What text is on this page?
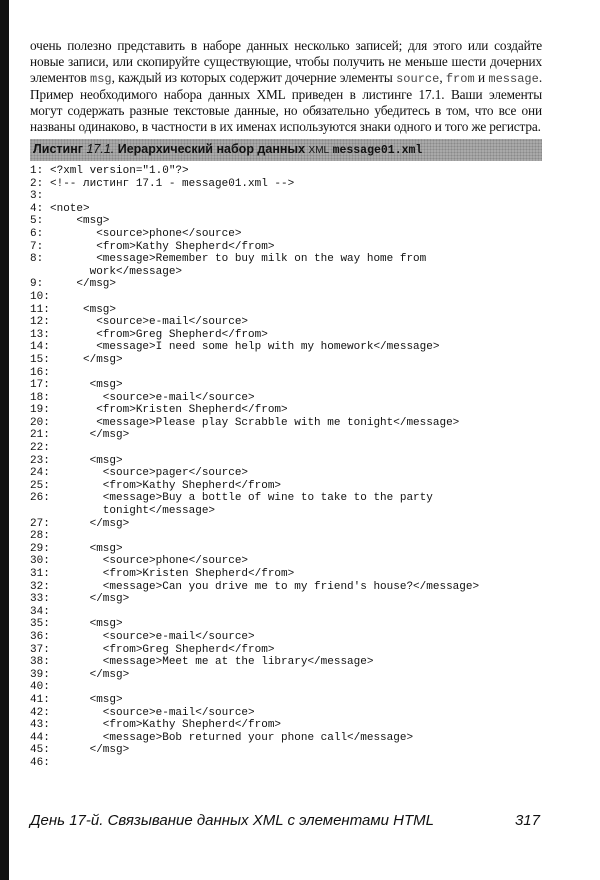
очень полезно представить в наборе данных несколько записей; для этого или создайте новые записи, или скопируйте существующие, чтобы получить не меньше шести дочерних элементов msg, каждый из которых содержит дочерние элементы source, from и message. Пример необходимого набора данных XML приведен в листинге 17.1. Ваши элементы могут содержать разные текстовые данные, но обязательно убедитесь в том, что все они названы одинаково, в частности в их именах используются знаки одного и того же регистра.
Листинг 17.1. Иерархический набор данных XML message01.xml
1: <?xml version="1.0"?>
2: <!-- листинг 17.1 - message01.xml -->
3:
4: <note>
5: <msg>
6: <source>phone</source>
7: <from>Kathy Shepherd</from>
8: <message>Remember to buy milk on the way home from
work</message>
9: </msg>
10:
11: <msg>
12: <source>e-mail</source>
13: <from>Greg Shepherd</from>
14: <message>I need some help with my homework</message>
15: </msg>
16:
17: <msg>
18: <source>e-mail</source>
19: <from>Kristen Shepherd</from>
20: <message>Please play Scrabble with me tonight</message>
21: </msg>
22:
23: <msg>
24: <source>pager</source>
25: <from>Kathy Shepherd</from>
26: <message>Buy a bottle of wine to take to the party
tonight</message>
27: </msg>
28:
29: <msg>
30: <source>phone</source>
31: <from>Kristen Shepherd</from>
32: <message>Can you drive me to my friend's house?</message>
33: </msg>
34:
35: <msg>
36: <source>e-mail</source>
37: <from>Greg Shepherd</from>
38: <message>Meet me at the library</message>
39: </msg>
40:
41: <msg>
42: <source>e-mail</source>
43: <from>Kathy Shepherd</from>
44: <message>Bob returned your phone call</message>
45: </msg>
46:
День 17-й. Связывание данных XML с элементами HTML	317
